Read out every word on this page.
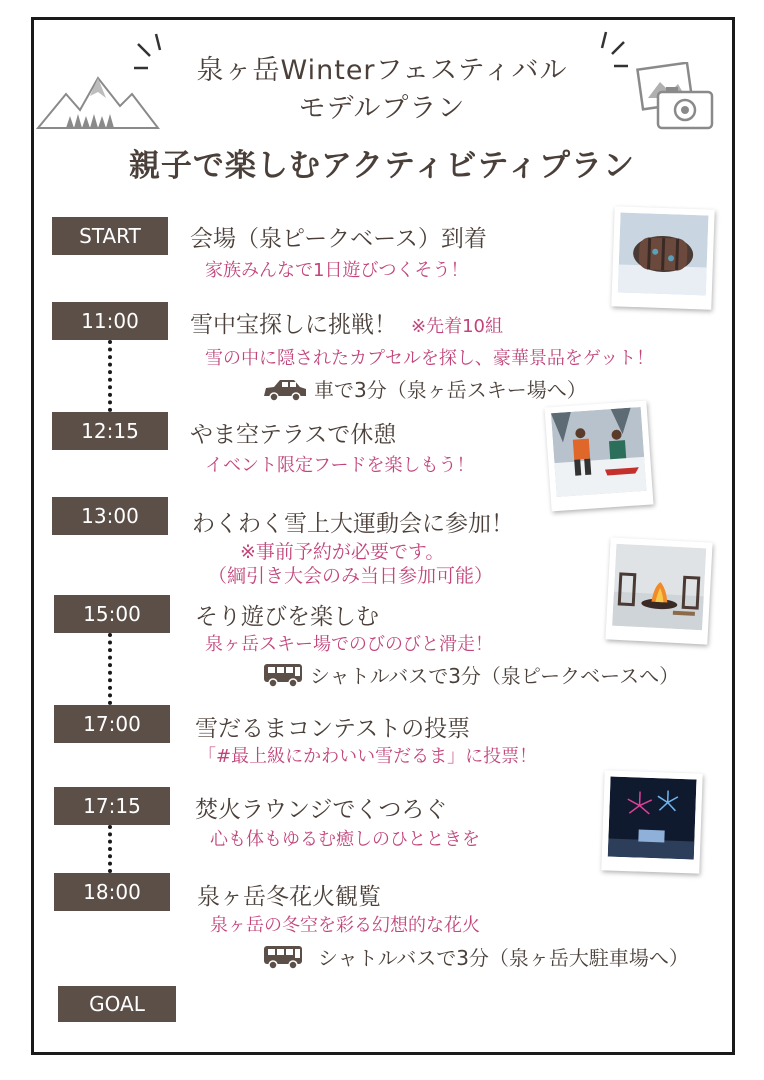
泉ヶ岳Winterフェスティバル
モデルプラン
親子で楽しむアクティビティプラン
START	会場（泉ピークベース）到着
家族みんなで1日遊びつくそう！
11:00	雪中宝探しに挑戦！ ※先着10組
雪の中に隠されたカプセルを探し、豪華景品をゲット！
車で3分（泉ヶ岳スキー場へ）
12:15	やま空テラスで休憩
イベント限定フードを楽しもう！
13:00	わくわく雪上大運動会に参加！
※事前予約が必要です。
（綱引き大会のみ当日参加可能）
15:00	そり遊びを楽しむ
泉ヶ岳スキー場でのびのびと滑走！
シャトルバスで3分（泉ピークベースへ）
17:00	雪だるまコンテストの投票
「#最上級にかわいい雪だるま」に投票！
17:15	焚火ラウンジでくつろぐ
心も体もゆるむ癒しのひとときを
18:00	泉ヶ岳冬花火観覧
泉ヶ岳の冬空を彩る幻想的な花火
シャトルバスで3分（泉ヶ岳大駐車場へ）
GOAL
